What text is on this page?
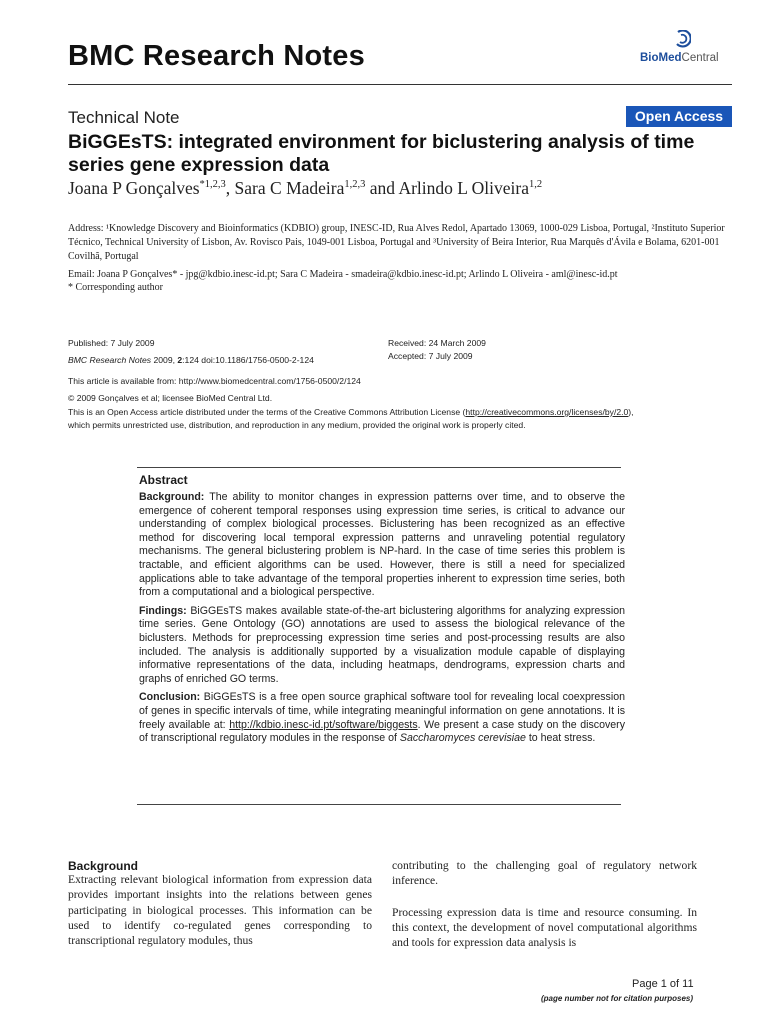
BMC Research Notes	BioMedCentral
Technical Note	Open Access
BiGGEsTS: integrated environment for biclustering analysis of time series gene expression data
Joana P Gonçalves$^{*1,2,3}$, Sara C Madeira$^{1,2,3}$ and Arlindo L Oliveira$^{1,2}$
Address: ¹Knowledge Discovery and Bioinformatics (KDBIO) group, INESC-ID, Rua Alves Redol, Apartado 13069, 1000-029 Lisboa, Portugal, ²Instituto Superior Técnico, Technical University of Lisbon, Av. Rovisco Pais, 1049-001 Lisboa, Portugal and ³University of Beira Interior, Rua Marquês d'Ávila e Bolama, 6201-001 Covilhã, Portugal
Email: Joana P Gonçalves* - jpg@kdbio.inesc-id.pt; Sara C Madeira - smadeira@kdbio.inesc-id.pt; Arlindo L Oliveira - aml@inesc-id.pt
* Corresponding author
Published: 7 July 2009
BMC Research Notes 2009, 2:124 doi:10.1186/1756-0500-2-124
Received: 24 March 2009
Accepted: 7 July 2009
This article is available from: http://www.biomedcentral.com/1756-0500/2/124
© 2009 Gonçalves et al; licensee BioMed Central Ltd.
This is an Open Access article distributed under the terms of the Creative Commons Attribution License (http://creativecommons.org/licenses/by/2.0),
which permits unrestricted use, distribution, and reproduction in any medium, provided the original work is properly cited.
Abstract

Background: The ability to monitor changes in expression patterns over time, and to observe the emergence of coherent temporal responses using expression time series, is critical to advance our understanding of complex biological processes. Biclustering has been recognized as an effective method for discovering local temporal expression patterns and unraveling potential regulatory mechanisms. The general biclustering problem is NP-hard. In the case of time series this problem is tractable, and efficient algorithms can be used. However, there is still a need for specialized applications able to take advantage of the temporal properties inherent to expression time series, both from a computational and a biological perspective.

Findings: BiGGEsTS makes available state-of-the-art biclustering algorithms for analyzing expression time series. Gene Ontology (GO) annotations are used to assess the biological relevance of the biclusters. Methods for preprocessing expression time series and post-processing results are also included. The analysis is additionally supported by a visualization module capable of displaying informative representations of the data, including heatmaps, dendrograms, expression charts and graphs of enriched GO terms.

Conclusion: BiGGEsTS is a free open source graphical software tool for revealing local coexpression of genes in specific intervals of time, while integrating meaningful information on gene annotations. It is freely available at: http://kdbio.inesc-id.pt/software/biggests. We present a case study on the discovery of transcriptional regulatory modules in the response of Saccharomyces cerevisiae to heat stress.

Background
Extracting relevant biological information from expression data provides important insights into the relations between genes participating in biological processes. This information can be used to identify co-regulated genes corresponding to transcriptional regulatory modules, thus

contributing to the challenging goal of regulatory network inference.

Processing expression data is time and resource consuming. In this context, the development of novel computational algorithms and tools for expression data analysis is

Page 1 of 11
(page number not for citation purposes)
